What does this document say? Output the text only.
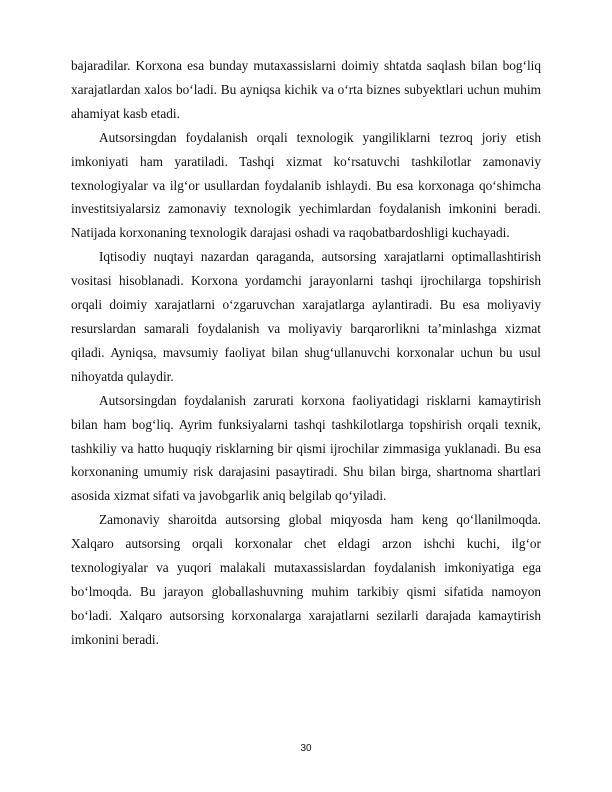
bajaradilar. Korxona esa bunday mutaxassislarni doimiy shtatda saqlash bilan bog‘liq xarajatlardan xalos bo‘ladi. Bu ayniqsa kichik va o‘rta biznes subyektlari uchun muhim ahamiyat kasb etadi.

Autsorsingdan foydalanish orqali texnologik yangiliklarni tezroq joriy etish imkoniyati ham yaratiladi. Tashqi xizmat ko‘rsatuvchi tashkilotlar zamonaviy texnologiyalar va ilg‘or usullardan foydalanib ishlaydi. Bu esa korxonaga qo‘shimcha investitsiyalarsiz zamonaviy texnologik yechimlardan foydalanish imkonini beradi. Natijada korxonaning texnologik darajasi oshadi va raqobatbardoshligi kuchayadi.

Iqtisodiy nuqtayi nazardan qaraganda, autsorsing xarajatlarni optimallashtirish vositasi hisoblanadi. Korxona yordamchi jarayonlarni tashqi ijrochilarga topshirish orqali doimiy xarajatlarni o‘zgaruvchan xarajatlarga aylantiradi. Bu esa moliyaviy resurslardan samarali foydalanish va moliyaviy barqarorlikni ta’minlashga xizmat qiladi. Ayniqsa, mavsumiy faoliyat bilan shug‘ullanuvchi korxonalar uchun bu usul nihoyatda qulaydir.

Autsorsingdan foydalanish zarurati korxona faoliyatidagi risklarni kamaytirish bilan ham bog‘liq. Ayrim funksiyalarni tashqi tashkilotlarga topshirish orqali texnik, tashkiliy va hatto huquqiy risklarning bir qismi ijrochilar zimmasiga yuklanadi. Bu esa korxonaning umumiy risk darajasini pasaytiradi. Shu bilan birga, shartnoma shartlari asosida xizmat sifati va javobgarlik aniq belgilab qo‘yiladi.

Zamonaviy sharoitda autsorsing global miqyosda ham keng qo‘llanilmoqda. Xalqaro autsorsing orqali korxonalar chet eldagi arzon ishchi kuchi, ilg‘or texnologiyalar va yuqori malakali mutaxassislardan foydalanish imkoniyatiga ega bo‘lmoqda. Bu jarayon globallashuvning muhim tarkibiy qismi sifatida namoyon bo‘ladi. Xalqaro autsorsing korxonalarga xarajatlarni sezilarli darajada kamaytirish imkonini beradi.

30
